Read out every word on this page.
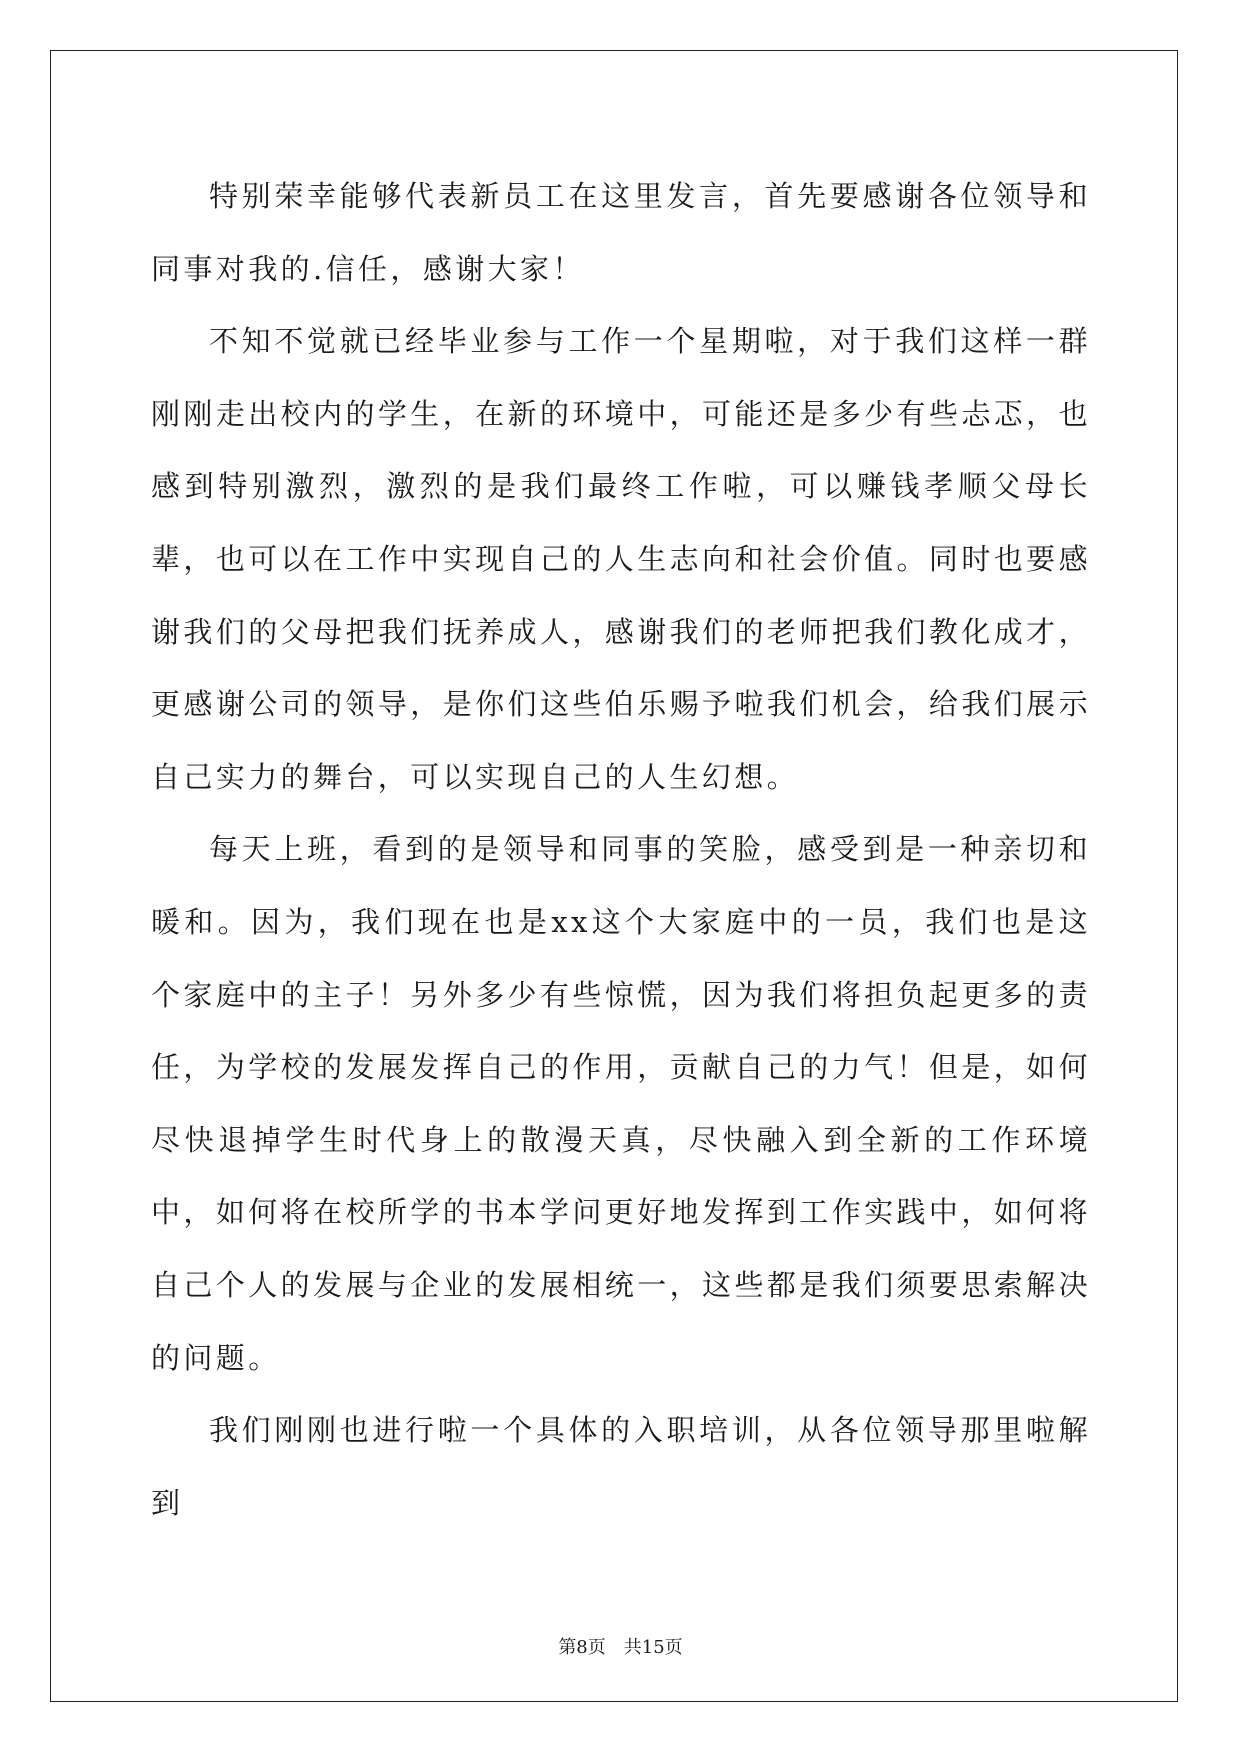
特别荣幸能够代表新员工在这里发言，首先要感谢各位领导和同事对我的.信任，感谢大家！

不知不觉就已经毕业参与工作一个星期啦，对于我们这样一群刚刚走出校内的学生，在新的环境中，可能还是多少有些忐忑，也感到特别激烈，激烈的是我们最终工作啦，可以赚钱孝顺父母长辈，也可以在工作中实现自己的人生志向和社会价值。同时也要感谢我们的父母把我们抚养成人，感谢我们的老师把我们教化成才，更感谢公司的领导，是你们这些伯乐赐予啦我们机会，给我们展示自己实力的舞台，可以实现自己的人生幻想。

每天上班，看到的是领导和同事的笑脸，感受到是一种亲切和暖和。因为，我们现在也是xx这个大家庭中的一员，我们也是这个家庭中的主子！另外多少有些惊慌，因为我们将担负起更多的责任，为学校的发展发挥自己的作用，贡献自己的力气！但是，如何尽快退掉学生时代身上的散漫天真，尽快融入到全新的工作环境中，如何将在校所学的书本学问更好地发挥到工作实践中，如何将自己个人的发展与企业的发展相统一，这些都是我们须要思索解决的问题。

我们刚刚也进行啦一个具体的入职培训，从各位领导那里啦解到

第8页 共15页
